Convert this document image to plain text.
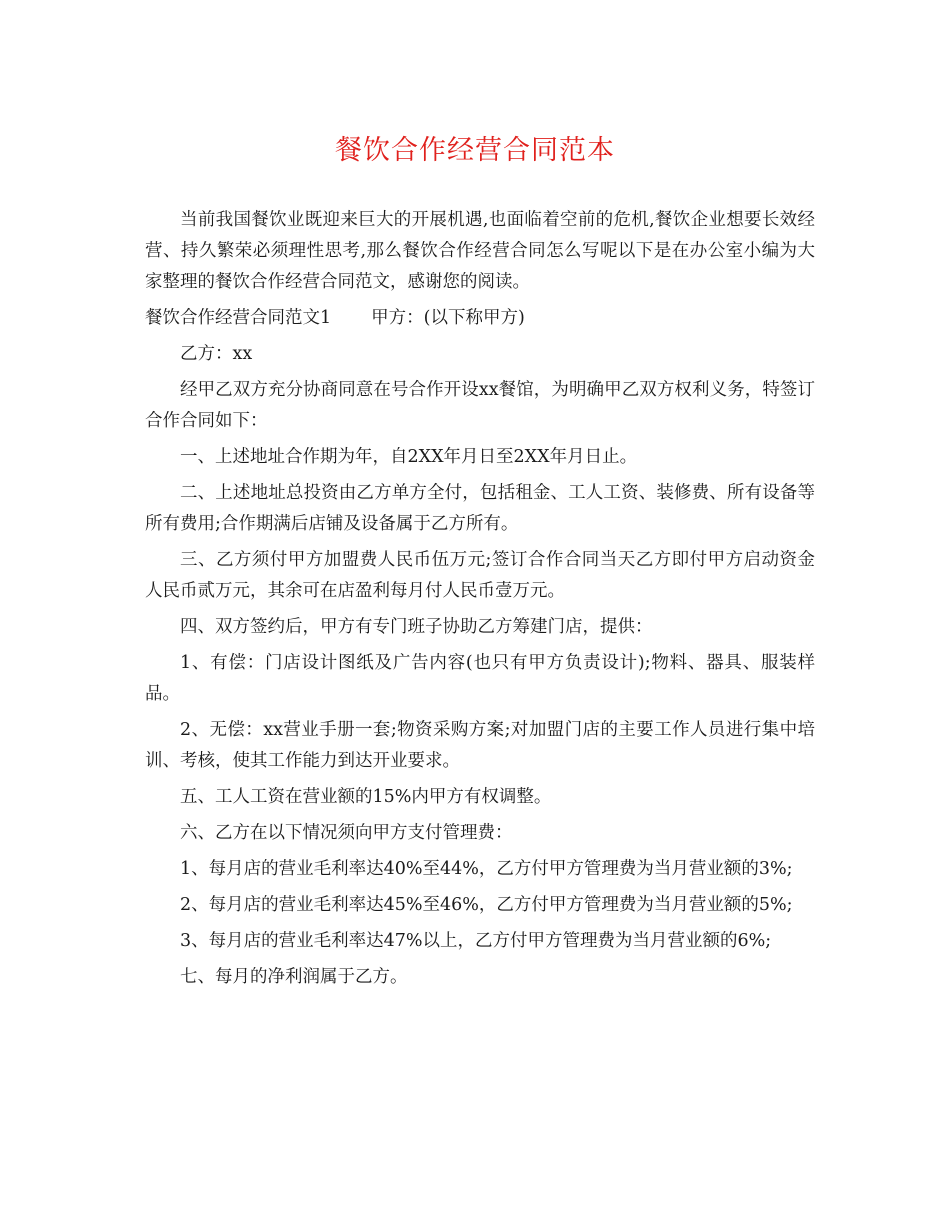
餐饮合作经营合同范本

当前我国餐饮业既迎来巨大的开展机遇,也面临着空前的危机,餐饮企业想要长效经营、持久繁荣必须理性思考,那么餐饮合作经营合同怎么写呢以下是在办公室小编为大家整理的餐饮合作经营合同范文，感谢您的阅读。

餐饮合作经营合同范文1 甲方：(以下称甲方)

乙方：xx

经甲乙双方充分协商同意在号合作开设xx餐馆，为明确甲乙双方权利义务，特签订合作合同如下：

一、上述地址合作期为年，自2XX年月日至2XX年月日止。

二、上述地址总投资由乙方单方全付，包括租金、工人工资、装修费、所有设备等所有费用;合作期满后店铺及设备属于乙方所有。

三、乙方须付甲方加盟费人民币伍万元;签订合作合同当天乙方即付甲方启动资金人民币贰万元，其余可在店盈利每月付人民币壹万元。

四、双方签约后，甲方有专门班子协助乙方筹建门店，提供：

1、有偿：门店设计图纸及广告内容(也只有甲方负责设计);物料、器具、服装样品。

2、无偿：xx营业手册一套;物资采购方案;对加盟门店的主要工作人员进行集中培训、考核，使其工作能力到达开业要求。

五、工人工资在营业额的15%内甲方有权调整。

六、乙方在以下情况须向甲方支付管理费：

1、每月店的营业毛利率达40%至44%，乙方付甲方管理费为当月营业额的3%;

2、每月店的营业毛利率达45%至46%，乙方付甲方管理费为当月营业额的5%;

3、每月店的营业毛利率达47%以上，乙方付甲方管理费为当月营业额的6%;

七、每月的净利润属于乙方。
